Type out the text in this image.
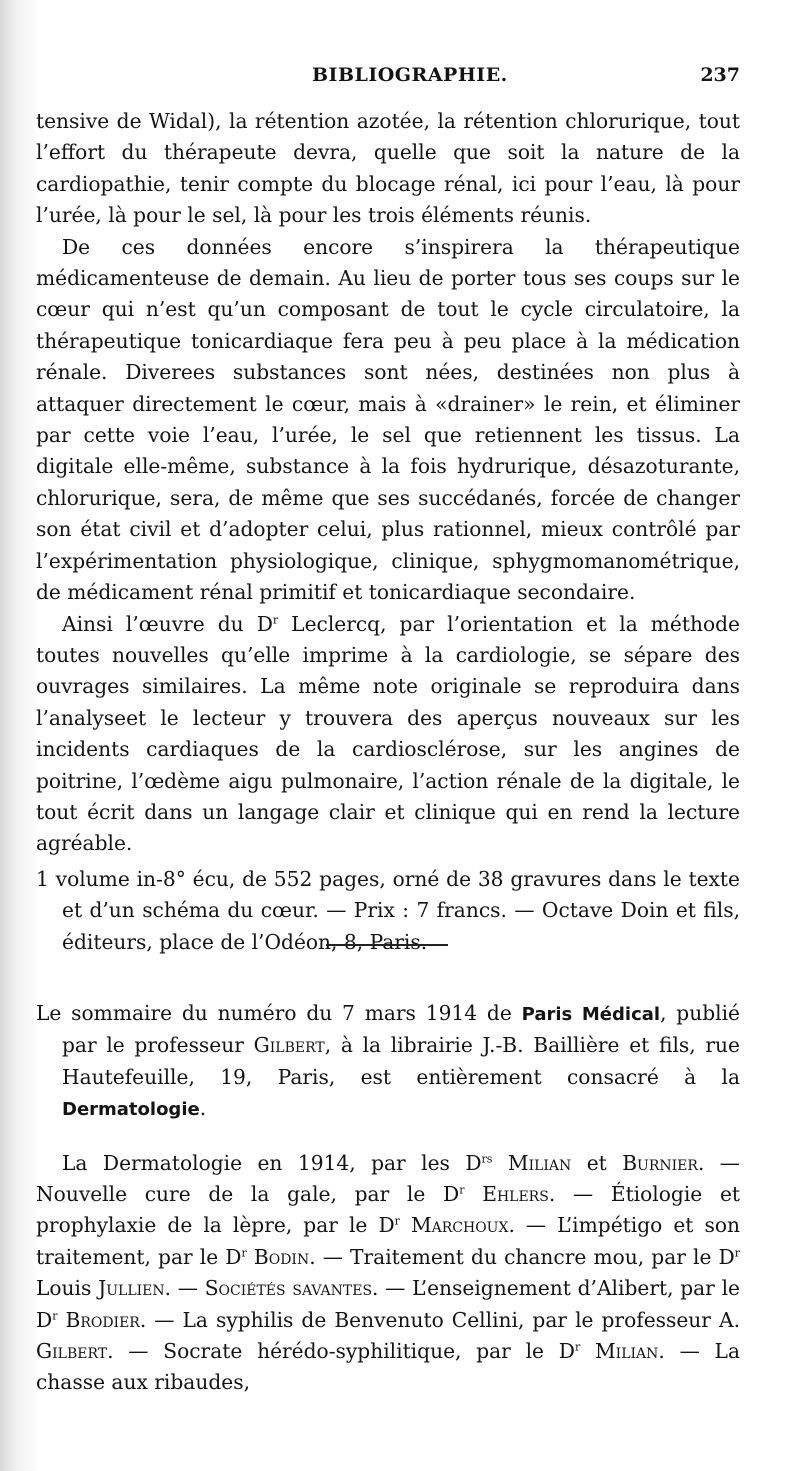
BIBLIOGRAPHIE.	237

tensive de Widal), la rétention azotée, la rétention chlorurique, tout l’effort du thérapeute devra, quelle que soit la nature de la cardiopathie, tenir compte du blocage rénal, ici pour l’eau, là pour l’urée, là pour le sel, là pour les trois éléments réunis.

De ces données encore s’inspirera la thérapeutique médicamenteuse de demain. Au lieu de porter tous ses coups sur le cœur qui n’est qu’un composant de tout le cycle circulatoire, la thérapeutique tonicardiaque fera peu à peu place à la médication rénale. Diverees substances sont nées, destinées non plus à attaquer directement le cœur, mais à «drainer» le rein, et éliminer par cette voie l’eau, l’urée, le sel que retiennent les tissus. La digitale elle-même, substance à la fois hydrurique, désazoturante, chlorurique, sera, de même que ses succédanés, forcée de changer son état civil et d’adopter celui, plus rationnel, mieux contrôlé par l’expérimentation physiologique, clinique, sphygmomanométrique, de médicament rénal primitif et tonicardiaque secondaire.

Ainsi l’œuvre du $D^r$ Leclercq, par l’orientation et la méthode toutes nouvelles qu’elle imprime à la cardiologie, se sépare des ouvrages similaires. La même note originale se reproduira dans l’analyseet le lecteur y trouvera des aperçus nouveaux sur les incidents cardiaques de la cardiosclérose, sur les angines de poitrine, l’œdème aigu pulmonaire, l’action rénale de la digitale, le tout écrit dans un langage clair et clinique qui en rend la lecture agréable.

1 volume in-8° écu, de 552 pages, orné de 38 gravures dans le texte et d’un schéma du cœur. — Prix : 7 francs. — Octave Doin et fils, éditeurs, place de l’Odéon, 8, Paris.

Le sommaire du numéro du 7 mars 1914 de Paris Médical, publié par le professeur Gilbert, à la librairie J.-B. Baillière et fils, rue Hautefeuille, 19, Paris, est entièrement consacré à la Dermatologie.

La Dermatologie en 1914, par les $D^{rs}$ Milian et Burnier. — Nouvelle cure de la gale, par le $D^r$ Ehlers. — Étiologie et prophylaxie de la lèpre, par le $D^r$ Marchoux. — L’impétigo et son traitement, par le $D^r$ Bodin. — Traitement du chancre mou, par le $D^r$ Louis Jullien. — Sociétés savantes. — L’enseignement d’Alibert, par le $D^r$ Brodier. — La syphilis de Benvenuto Cellini, par le professeur A. Gilbert. — Socrate hérédo-syphilitique, par le $D^r$ Milian. — La chasse aux ribaudes,
